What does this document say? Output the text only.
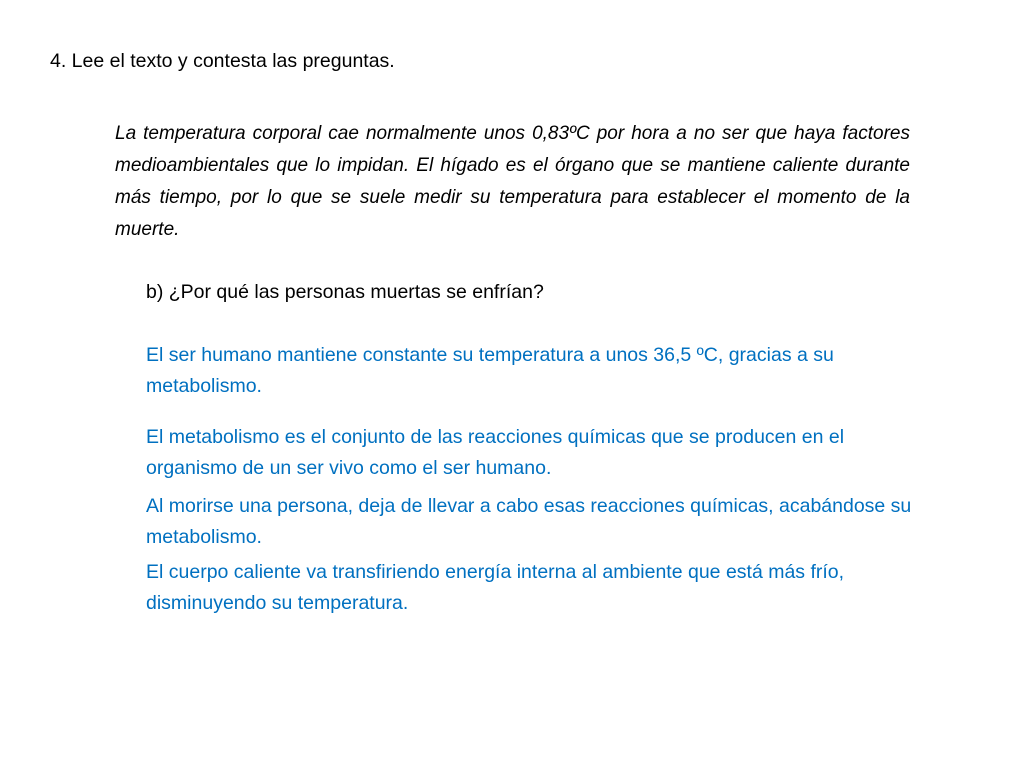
4. Lee el texto y contesta las preguntas.
La temperatura corporal cae normalmente unos 0,83ºC por hora a no ser que haya factores medioambientales que lo impidan. El hígado es el órgano que se mantiene caliente durante más tiempo, por lo que se suele medir su temperatura para establecer el momento de la muerte.
b) ¿Por qué las personas muertas se enfrían?
El ser humano mantiene constante su temperatura a unos 36,5 ºC, gracias a su metabolismo.
El metabolismo es el conjunto de las reacciones químicas que se producen en el organismo de un ser vivo como el ser humano.
Al morirse una persona, deja de llevar a cabo esas reacciones químicas, acabándose su metabolismo.
El cuerpo caliente va transfiriendo energía interna al ambiente que está más frío, disminuyendo su temperatura.
